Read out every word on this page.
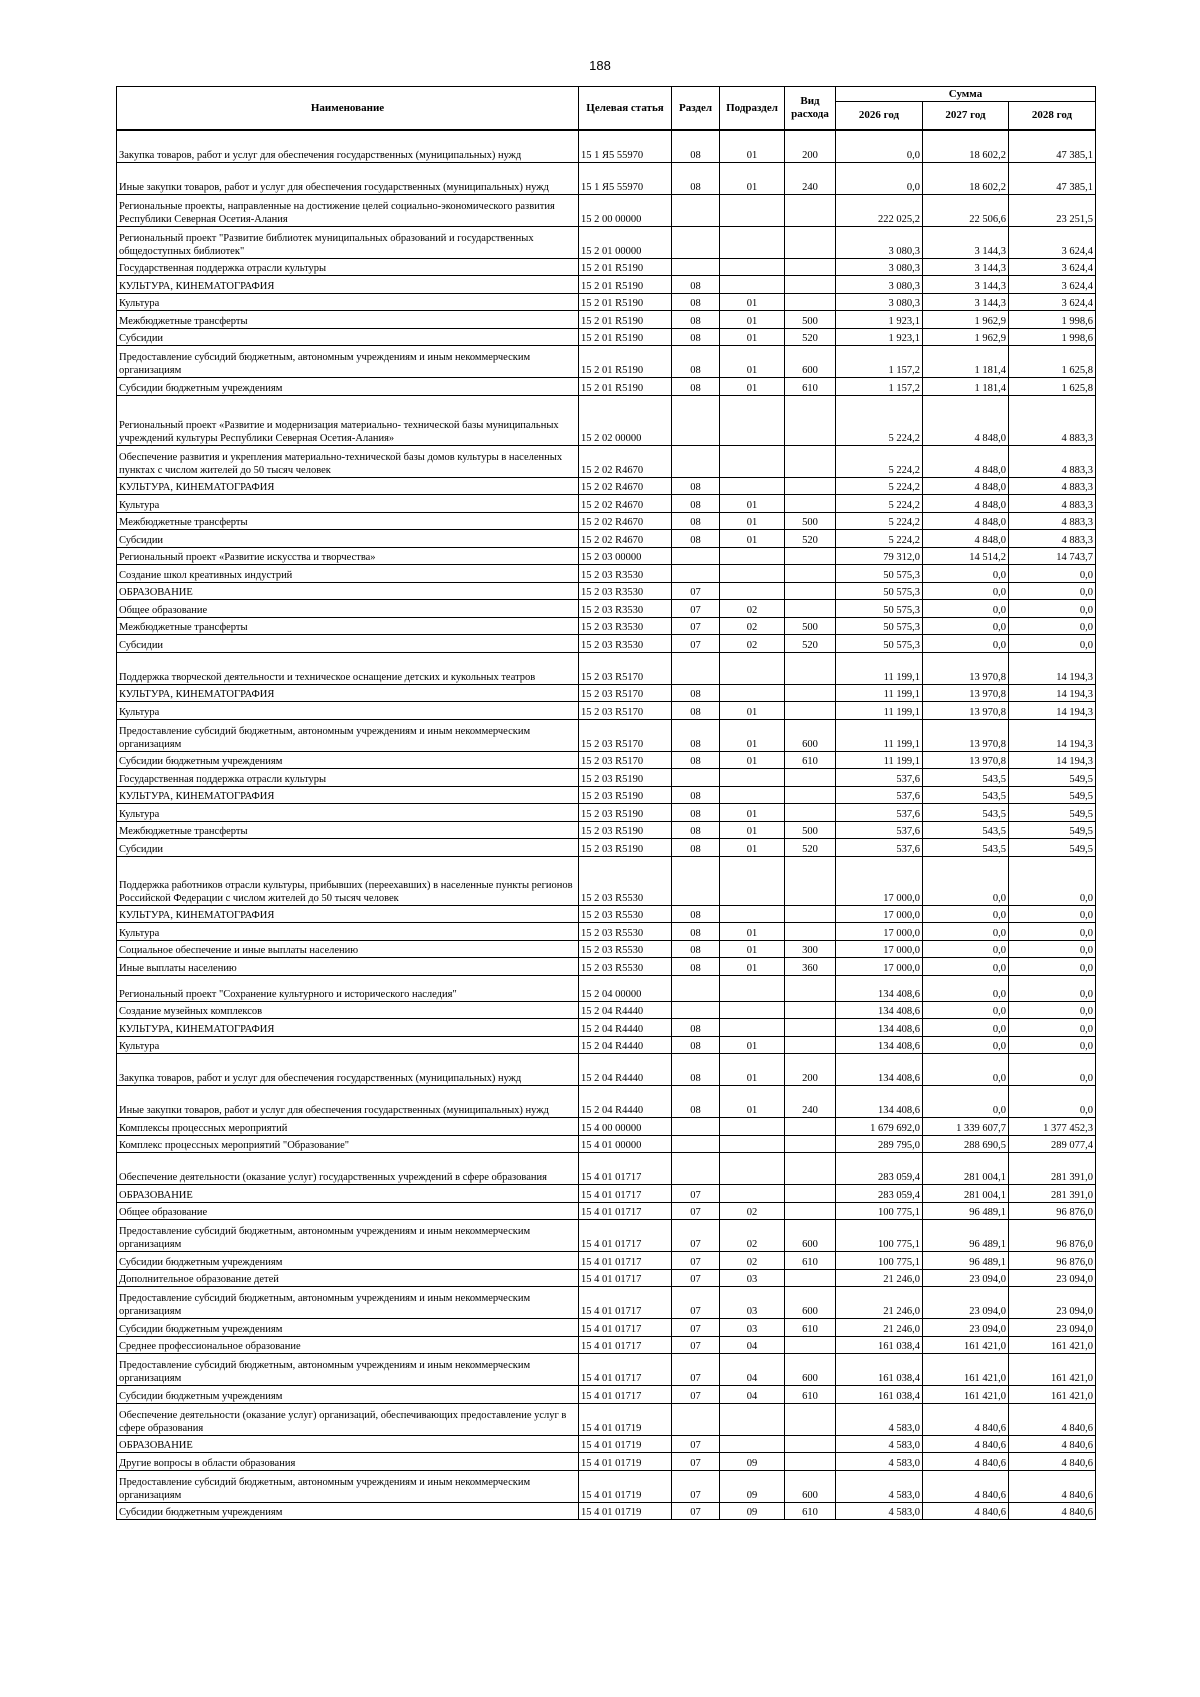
188
Наименование	Целевая статья	Раздел	Подраздел	Вид расхода	Сумма		
					2026 год	2027 год	2028 год
Закупка товаров, работ и услуг для обеспечения государственных (муниципальных) нужд	15 1 Я5 55970	08	01	200	0,0	18 602,2	47 385,1
Иные закупки товаров, работ и услуг для обеспечения государственных (муниципальных) нужд	15 1 Я5 55970	08	01	240	0,0	18 602,2	47 385,1
Региональные проекты, направленные на достижение целей социально-экономического развития Республики Северная Осетия-Алания	15 2 00 00000				222 025,2	22 506,6	23 251,5
Региональный проект "Развитие библиотек муниципальных образований и государственных общедоступных библиотек"	15 2 01 00000				3 080,3	3 144,3	3 624,4
Государственная поддержка отрасли культуры	15 2 01 R5190				3 080,3	3 144,3	3 624,4
КУЛЬТУРА, КИНЕМАТОГРАФИЯ	15 2 01 R5190	08			3 080,3	3 144,3	3 624,4
Культура	15 2 01 R5190	08	01		3 080,3	3 144,3	3 624,4
Межбюджетные трансферты	15 2 01 R5190	08	01	500	1 923,1	1 962,9	1 998,6
Субсидии	15 2 01 R5190	08	01	520	1 923,1	1 962,9	1 998,6
Предоставление субсидий бюджетным, автономным учреждениям и иным некоммерческим организациям	15 2 01 R5190	08	01	600	1 157,2	1 181,4	1 625,8
Субсидии бюджетным учреждениям	15 2 01 R5190	08	01	610	1 157,2	1 181,4	1 625,8
Региональный проект «Развитие и модернизация материально- технической базы муниципальных учреждений культуры Республики Северная Осетия-Алания»	15 2 02 00000				5 224,2	4 848,0	4 883,3
Обеспечение развития и укрепления материально-технической базы домов культуры в населенных пунктах с числом жителей до 50 тысяч человек	15 2 02 R4670				5 224,2	4 848,0	4 883,3
КУЛЬТУРА, КИНЕМАТОГРАФИЯ	15 2 02 R4670	08			5 224,2	4 848,0	4 883,3
Культура	15 2 02 R4670	08	01		5 224,2	4 848,0	4 883,3
Межбюджетные трансферты	15 2 02 R4670	08	01	500	5 224,2	4 848,0	4 883,3
Субсидии	15 2 02 R4670	08	01	520	5 224,2	4 848,0	4 883,3
Региональный проект «Развитие искусства и творчества»	15 2 03 00000				79 312,0	14 514,2	14 743,7
Создание школ креативных индустрий	15 2 03 R3530				50 575,3	0,0	0,0
ОБРАЗОВАНИЕ	15 2 03 R3530	07			50 575,3	0,0	0,0
Общее образование	15 2 03 R3530	07	02		50 575,3	0,0	0,0
Межбюджетные трансферты	15 2 03 R3530	07	02	500	50 575,3	0,0	0,0
Субсидии	15 2 03 R3530	07	02	520	50 575,3	0,0	0,0
Поддержка творческой деятельности и техническое оснащение детских и кукольных театров	15 2 03 R5170				11 199,1	13 970,8	14 194,3
КУЛЬТУРА, КИНЕМАТОГРАФИЯ	15 2 03 R5170	08			11 199,1	13 970,8	14 194,3
Культура	15 2 03 R5170	08	01		11 199,1	13 970,8	14 194,3
Предоставление субсидий бюджетным, автономным учреждениям и иным некоммерческим организациям	15 2 03 R5170	08	01	600	11 199,1	13 970,8	14 194,3
Субсидии бюджетным учреждениям	15 2 03 R5170	08	01	610	11 199,1	13 970,8	14 194,3
Государственная поддержка отрасли культуры	15 2 03 R5190				537,6	543,5	549,5
КУЛЬТУРА, КИНЕМАТОГРАФИЯ	15 2 03 R5190	08			537,6	543,5	549,5
Культура	15 2 03 R5190	08	01		537,6	543,5	549,5
Межбюджетные трансферты	15 2 03 R5190	08	01	500	537,6	543,5	549,5
Субсидии	15 2 03 R5190	08	01	520	537,6	543,5	549,5
Поддержка работников отрасли культуры, прибывших (переехавших) в населенные пункты регионов Российской Федерации с числом жителей до 50 тысяч человек	15 2 03 R5530				17 000,0	0,0	0,0
КУЛЬТУРА, КИНЕМАТОГРАФИЯ	15 2 03 R5530	08			17 000,0	0,0	0,0
Культура	15 2 03 R5530	08	01		17 000,0	0,0	0,0
Социальное обеспечение и иные выплаты населению	15 2 03 R5530	08	01	300	17 000,0	0,0	0,0
Иные выплаты населению	15 2 03 R5530	08	01	360	17 000,0	0,0	0,0
Региональный проект "Сохранение культурного и исторического наследия"	15 2 04 00000				134 408,6	0,0	0,0
Создание музейных комплексов	15 2 04 R4440				134 408,6	0,0	0,0
КУЛЬТУРА, КИНЕМАТОГРАФИЯ	15 2 04 R4440	08			134 408,6	0,0	0,0
Культура	15 2 04 R4440	08	01		134 408,6	0,0	0,0
Закупка товаров, работ и услуг для обеспечения государственных (муниципальных) нужд	15 2 04 R4440	08	01	200	134 408,6	0,0	0,0
Иные закупки товаров, работ и услуг для обеспечения государственных (муниципальных) нужд	15 2 04 R4440	08	01	240	134 408,6	0,0	0,0
Комплексы процессных мероприятий	15 4 00 00000				1 679 692,0	1 339 607,7	1 377 452,3
Комплекс процессных мероприятий "Образование"	15 4 01 00000				289 795,0	288 690,5	289 077,4
Обеспечение деятельности (оказание услуг) государственных учреждений в сфере образования	15 4 01 01717				283 059,4	281 004,1	281 391,0
ОБРАЗОВАНИЕ	15 4 01 01717	07			283 059,4	281 004,1	281 391,0
Общее образование	15 4 01 01717	07	02		100 775,1	96 489,1	96 876,0
Предоставление субсидий бюджетным, автономным учреждениям и иным некоммерческим организациям	15 4 01 01717	07	02	600	100 775,1	96 489,1	96 876,0
Субсидии бюджетным учреждениям	15 4 01 01717	07	02	610	100 775,1	96 489,1	96 876,0
Дополнительное образование детей	15 4 01 01717	07	03		21 246,0	23 094,0	23 094,0
Предоставление субсидий бюджетным, автономным учреждениям и иным некоммерческим организациям	15 4 01 01717	07	03	600	21 246,0	23 094,0	23 094,0
Субсидии бюджетным учреждениям	15 4 01 01717	07	03	610	21 246,0	23 094,0	23 094,0
Среднее профессиональное образование	15 4 01 01717	07	04		161 038,4	161 421,0	161 421,0
Предоставление субсидий бюджетным, автономным учреждениям и иным некоммерческим организациям	15 4 01 01717	07	04	600	161 038,4	161 421,0	161 421,0
Субсидии бюджетным учреждениям	15 4 01 01717	07	04	610	161 038,4	161 421,0	161 421,0
Обеспечение деятельности (оказание услуг) организаций, обеспечивающих предоставление услуг в сфере образования	15 4 01 01719				4 583,0	4 840,6	4 840,6
ОБРАЗОВАНИЕ	15 4 01 01719	07			4 583,0	4 840,6	4 840,6
Другие вопросы в области образования	15 4 01 01719	07	09		4 583,0	4 840,6	4 840,6
Предоставление субсидий бюджетным, автономным учреждениям и иным некоммерческим организациям	15 4 01 01719	07	09	600	4 583,0	4 840,6	4 840,6
Субсидии бюджетным учреждениям	15 4 01 01719	07	09	610	4 583,0	4 840,6	4 840,6
